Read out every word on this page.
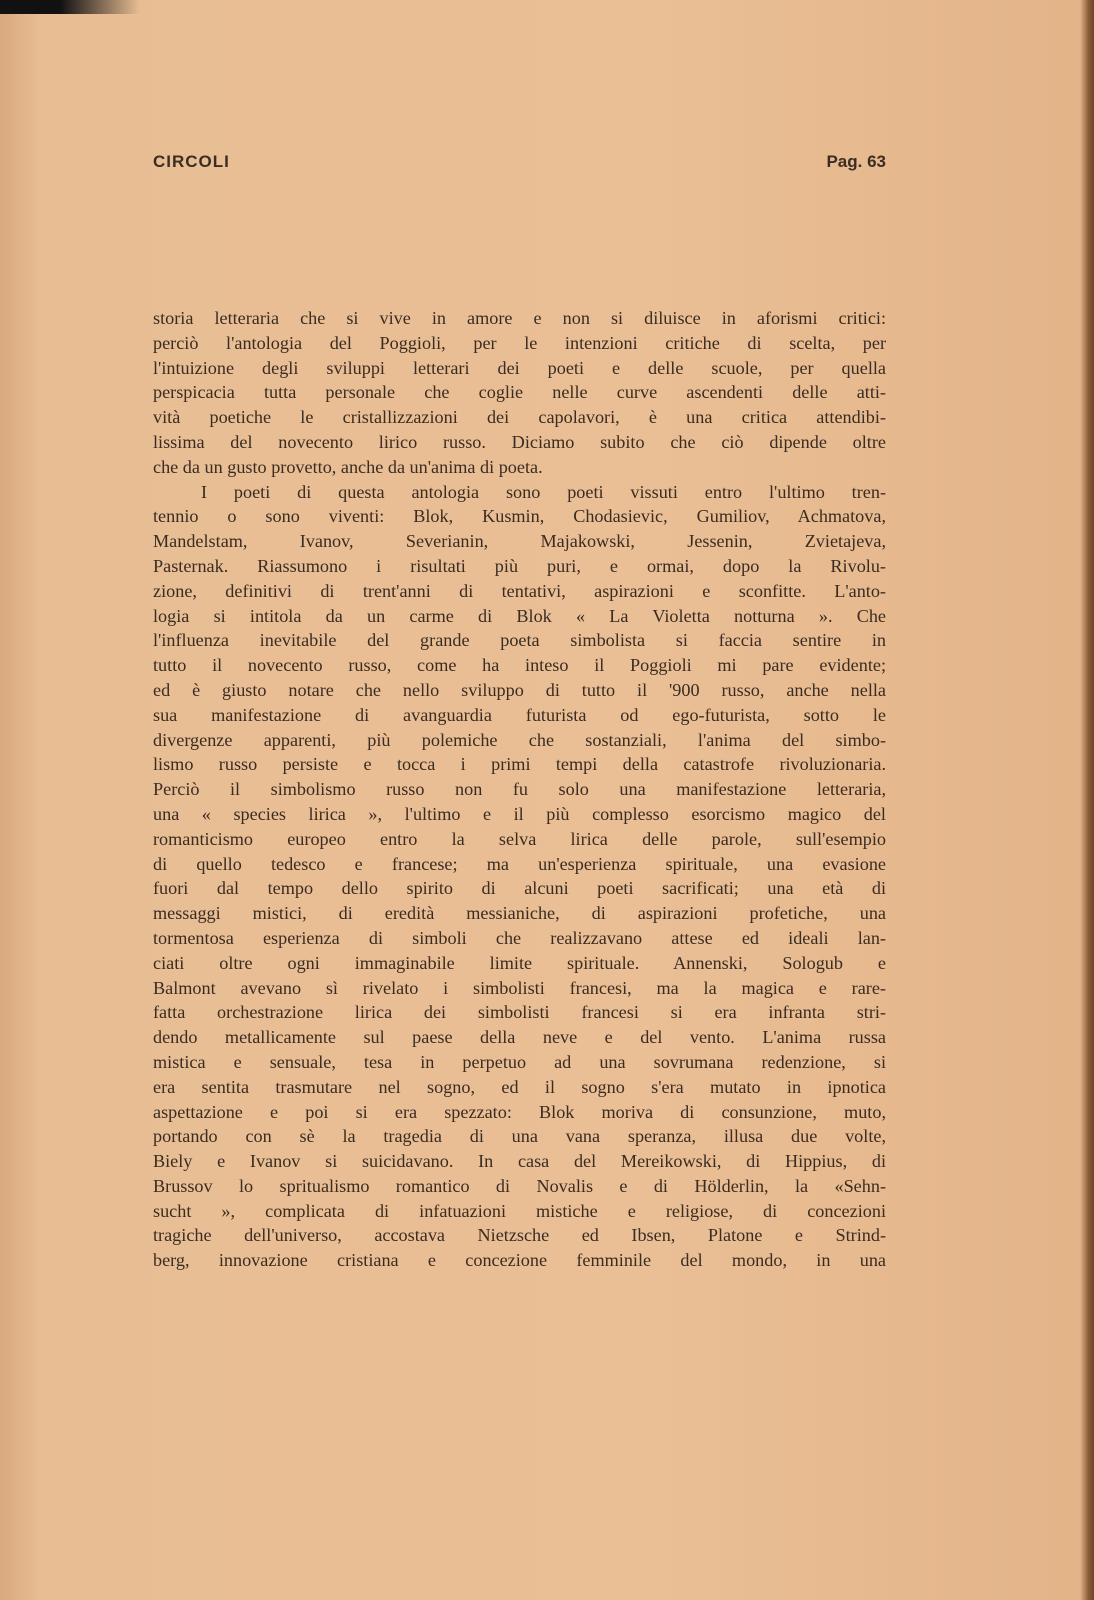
CIRCOLI	Pag. 63
storia letteraria che si vive in amore e non si diluisce in aforismi critici:
perciò l'antologia del Poggioli, per le intenzioni critiche di scelta, per
l'intuizione degli sviluppi letterari dei poeti e delle scuole, per quella
perspicacia tutta personale che coglie nelle curve ascendenti delle atti-
vità poetiche le cristallizzazioni dei capolavori, è una critica attendibi-
lissima del novecento lirico russo. Diciamo subito che ciò dipende oltre
che da un gusto provetto, anche da un'anima di poeta.
I poeti di questa antologia sono poeti vissuti entro l'ultimo tren-
tennio o sono viventi: Blok, Kusmin, Chodasievic, Gumiliov, Achmatova,
Mandelstam, Ivanov, Severianin, Majakowski, Jessenin, Zvietajeva,
Pasternak. Riassumono i risultati più puri, e ormai, dopo la Rivolu-
zione, definitivi di trent'anni di tentativi, aspirazioni e sconfitte. L'anto-
logia si intitola da un carme di Blok « La Violetta notturna ». Che
l'influenza inevitabile del grande poeta simbolista si faccia sentire in
tutto il novecento russo, come ha inteso il Poggioli mi pare evidente;
ed è giusto notare che nello sviluppo di tutto il '900 russo, anche nella
sua manifestazione di avanguardia futurista od ego-futurista, sotto le
divergenze apparenti, più polemiche che sostanziali, l'anima del simbo-
lismo russo persiste e tocca i primi tempi della catastrofe rivoluzionaria.
Perciò il simbolismo russo non fu solo una manifestazione letteraria,
una « species lirica », l'ultimo e il più complesso esorcismo magico del
romanticismo europeo entro la selva lirica delle parole, sull'esempio
di quello tedesco e francese; ma un'esperienza spirituale, una evasione
fuori dal tempo dello spirito di alcuni poeti sacrificati; una età di
messaggi mistici, di eredità messianiche, di aspirazioni profetiche, una
tormentosa esperienza di simboli che realizzavano attese ed ideali lan-
ciati oltre ogni immaginabile limite spirituale. Annenski, Sologub e
Balmont avevano sì rivelato i simbolisti francesi, ma la magica e rare-
fatta orchestrazione lirica dei simbolisti francesi si era infranta stri-
dendo metallicamente sul paese della neve e del vento. L'anima russa
mistica e sensuale, tesa in perpetuo ad una sovrumana redenzione, si
era sentita trasmutare nel sogno, ed il sogno s'era mutato in ipnotica
aspettazione e poi si era spezzato: Blok moriva di consunzione, muto,
portando con sè la tragedia di una vana speranza, illusa due volte,
Biely e Ivanov si suicidavano. In casa del Mereikowski, di Hippius, di
Brussov lo spritualismo romantico di Novalis e di Hölderlin, la «Sehn-
sucht », complicata di infatuazioni mistiche e religiose, di concezioni
tragiche dell'universo, accostava Nietzsche ed Ibsen, Platone e Strind-
berg, innovazione cristiana e concezione femminile del mondo, in una
